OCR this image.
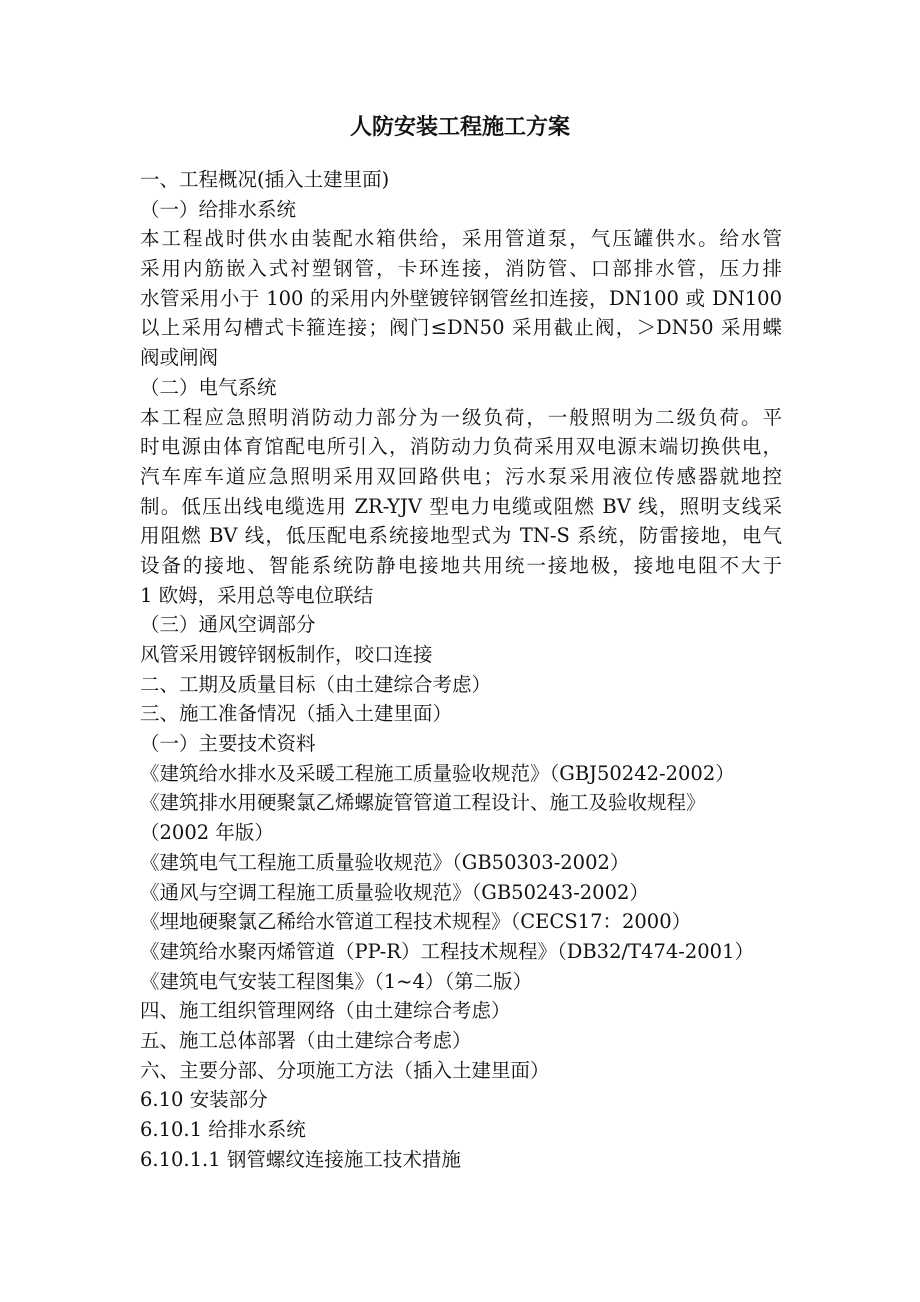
人防安装工程施工方案
一、工程概况(插入土建里面)
（一）给排水系统
本工程战时供水由装配水箱供给，采用管道泵，气压罐供水。给水管
采用内筋嵌入式衬塑钢管，卡环连接，消防管、口部排水管，压力排
水管采用小于 100 的采用内外壁镀锌钢管丝扣连接，DN100 或 DN100
以上采用勾槽式卡箍连接；阀门≤DN50 采用截止阀，＞DN50 采用蝶
阀或闸阀
（二）电气系统
本工程应急照明消防动力部分为一级负荷，一般照明为二级负荷。平
时电源由体育馆配电所引入，消防动力负荷采用双电源末端切换供电，
汽车库车道应急照明采用双回路供电；污水泵采用液位传感器就地控
制。低压出线电缆选用 ZR-YJV 型电力电缆或阻燃 BV 线，照明支线采
用阻燃 BV 线，低压配电系统接地型式为 TN-S 系统，防雷接地，电气
设备的接地、智能系统防静电接地共用统一接地极，接地电阻不大于
1 欧姆，采用总等电位联结
（三）通风空调部分
风管采用镀锌钢板制作，咬口连接
二、工期及质量目标（由土建综合考虑）
三、施工准备情况（插入土建里面）
（一）主要技术资料
《建筑给水排水及采暖工程施工质量验收规范》（GBJ50242-2002）
《建筑排水用硬聚氯乙烯螺旋管管道工程设计、施工及验收规程》
（2002 年版）
《建筑电气工程施工质量验收规范》（GB50303-2002）
《通风与空调工程施工质量验收规范》（GB50243-2002）
《埋地硬聚氯乙稀给水管道工程技术规程》（CECS17：2000）
《建筑给水聚丙烯管道（PP-R）工程技术规程》（DB32/T474-2001）
《建筑电气安装工程图集》（1~4）（第二版）
四、施工组织管理网络（由土建综合考虑）
五、施工总体部署（由土建综合考虑）
六、主要分部、分项施工方法（插入土建里面）
6.10 安装部分
6.10.1 给排水系统
6.10.1.1 钢管螺纹连接施工技术措施
